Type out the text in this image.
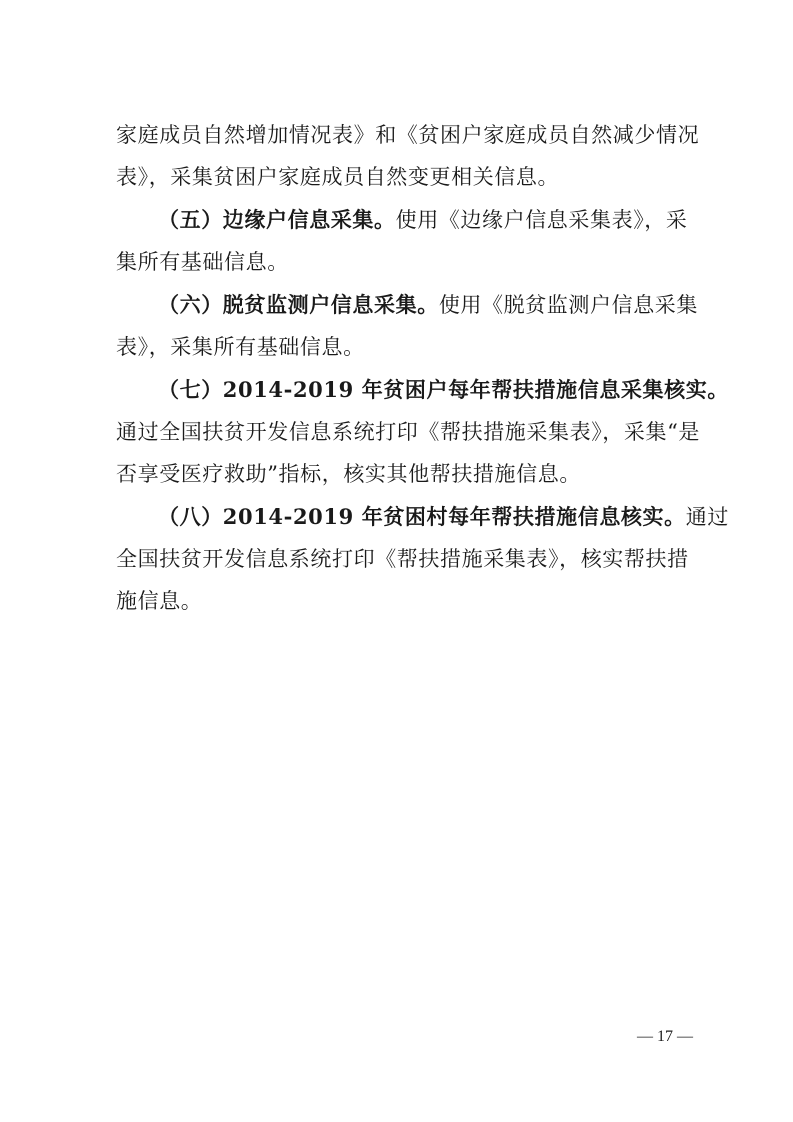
家庭成员自然增加情况表》和《贫困户家庭成员自然减少情况
表》，采集贫困户家庭成员自然变更相关信息。
（五）边缘户信息采集。使用《边缘户信息采集表》，采
集所有基础信息。
（六）脱贫监测户信息采集。使用《脱贫监测户信息采集
表》，采集所有基础信息。
（七）2014-2019 年贫困户每年帮扶措施信息采集核实。
通过全国扶贫开发信息系统打印《帮扶措施采集表》，采集“是
否享受医疗救助”指标，核实其他帮扶措施信息。
（八）2014-2019 年贫困村每年帮扶措施信息核实。通过
全国扶贫开发信息系统打印《帮扶措施采集表》，核实帮扶措
施信息。
— 17 —
